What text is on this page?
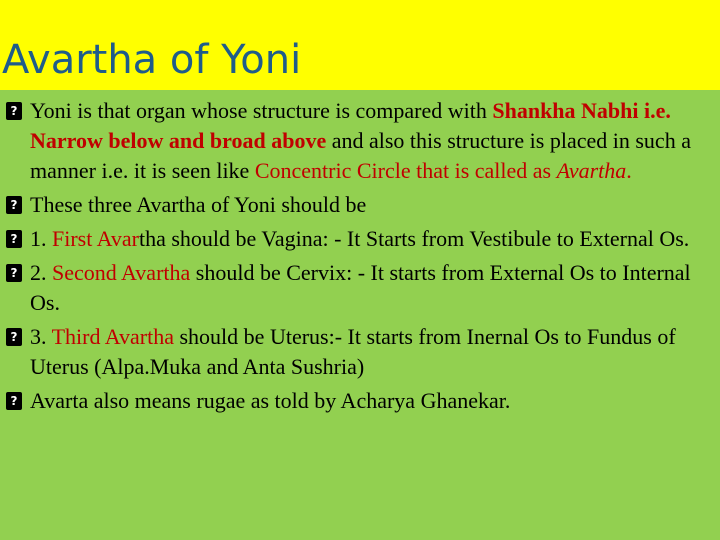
Avartha of Yoni

?
Yoni is that organ whose structure is compared with Shankha Nabhi i.e. Narrow below and broad above and also this structure is placed in such a manner i.e. it is seen like Concentric Circle that is called as Avartha.

?
These three Avartha of Yoni should be

?
1. First Avartha should be Vagina: - It Starts from Vestibule to External Os.

?
2. Second Avartha should be Cervix: - It starts from External Os to Internal Os.

?
3. Third Avartha should be Uterus:- It starts from Inernal Os to Fundus of Uterus (Alpa.Muka and Anta Sushria)

?
Avarta also means rugae as told by Acharya Ghanekar.
